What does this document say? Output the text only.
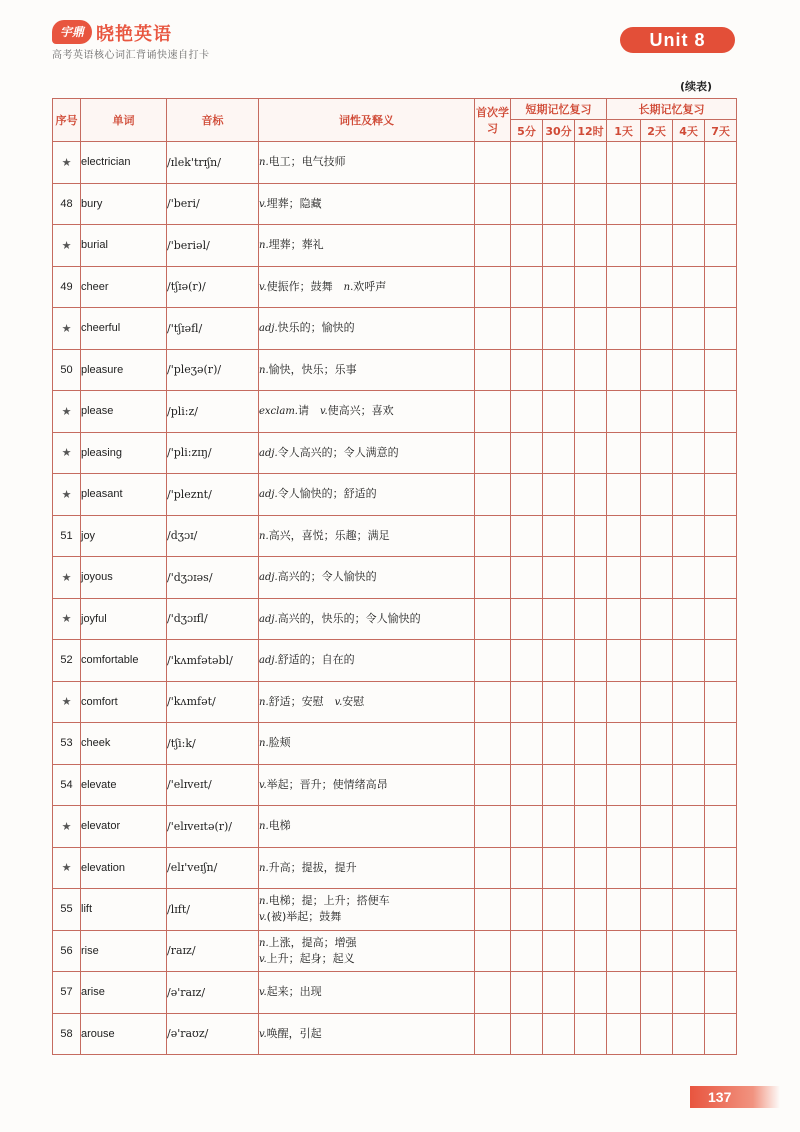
宇鼎 晓艳英语
高考英语核心词汇背诵快速自打卡
Unit 8
(续表)
序号	单词	音标	词性及释义	首次学习	短期记忆复习			长期记忆复习			
					5分	30分	12时	1天	2天	4天	7天
★	electrician	/ɪlek'trɪʃn/	n.电工；电气技师								

48	bury	/'beri/	v.埋葬；隐藏								

★	burial	/'beriəl/	n.埋葬；葬礼								

49	cheer	/tʃɪə(r)/	v.使振作；鼓舞　n.欢呼声								

★	cheerful	/'tʃɪəfl/	adj.快乐的；愉快的								

50	pleasure	/'pleʒə(r)/	n.愉快，快乐；乐事								

★	please	/pli:z/	exclam.请　v.使高兴；喜欢								

★	pleasing	/'pli:zɪŋ/	adj.令人高兴的；令人满意的								

★	pleasant	/'pleznt/	adj.令人愉快的；舒适的								

51	joy	/dʒɔɪ/	n.高兴，喜悦；乐趣；满足								

★	joyous	/'dʒɔɪəs/	adj.高兴的；令人愉快的								

★	joyful	/'dʒɔɪfl/	adj.高兴的，快乐的；令人愉快的								

52	comfortable	/'kʌmfətəbl/	adj.舒适的；自在的								

★	comfort	/'kʌmfət/	n.舒适；安慰　v.安慰								

53	cheek	/tʃi:k/	n.脸颊								

54	elevate	/'elɪveɪt/	v.举起；晋升；使情绪高昂								

★	elevator	/'elɪveɪtə(r)/	n.电梯								

★	elevation	/elɪ'veɪʃn/	n.升高；提拔，提升								

55	lift	/lɪft/	n.电梯；提；上升；搭便车
v.(被)举起；鼓舞								

56	rise	/raɪz/	n.上涨，提高；增强
v.上升；起身；起义								

57	arise	/ə'raɪz/	v.起来；出现								

58	arouse	/ə'raʊz/	v.唤醒，引起								

137
